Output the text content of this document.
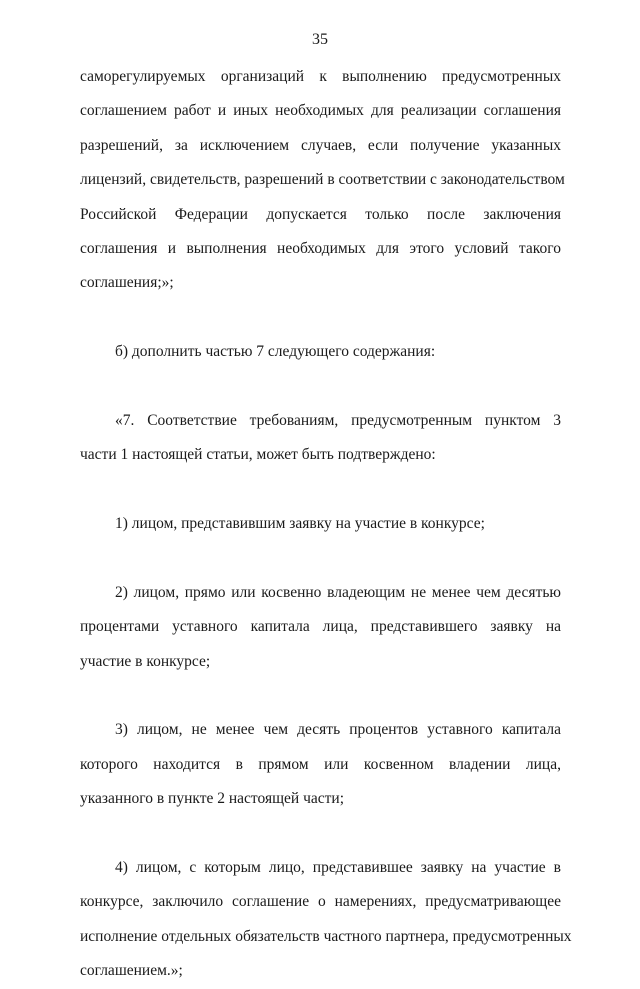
35
саморегулируемых организаций к выполнению предусмотренных
соглашением работ и иных необходимых для реализации соглашения
разрешений, за исключением случаев, если получение указанных
лицензий, свидетельств, разрешений в соответствии с законодательством
Российской Федерации допускается только после заключения
соглашения и выполнения необходимых для этого условий такого
соглашения;»;
б) дополнить частью 7 следующего содержания:
«7. Соответствие требованиям, предусмотренным пунктом 3
части 1 настоящей статьи, может быть подтверждено:
1) лицом, представившим заявку на участие в конкурсе;
2) лицом, прямо или косвенно владеющим не менее чем десятью
процентами уставного капитала лица, представившего заявку на
участие в конкурсе;
3) лицом, не менее чем десять процентов уставного капитала
которого находится в прямом или косвенном владении лица,
указанного в пункте 2 настоящей части;
4) лицом, с которым лицо, представившее заявку на участие в
конкурсе, заключило соглашение о намерениях, предусматривающее
исполнение отдельных обязательств частного партнера, предусмотренных
соглашением.»;
